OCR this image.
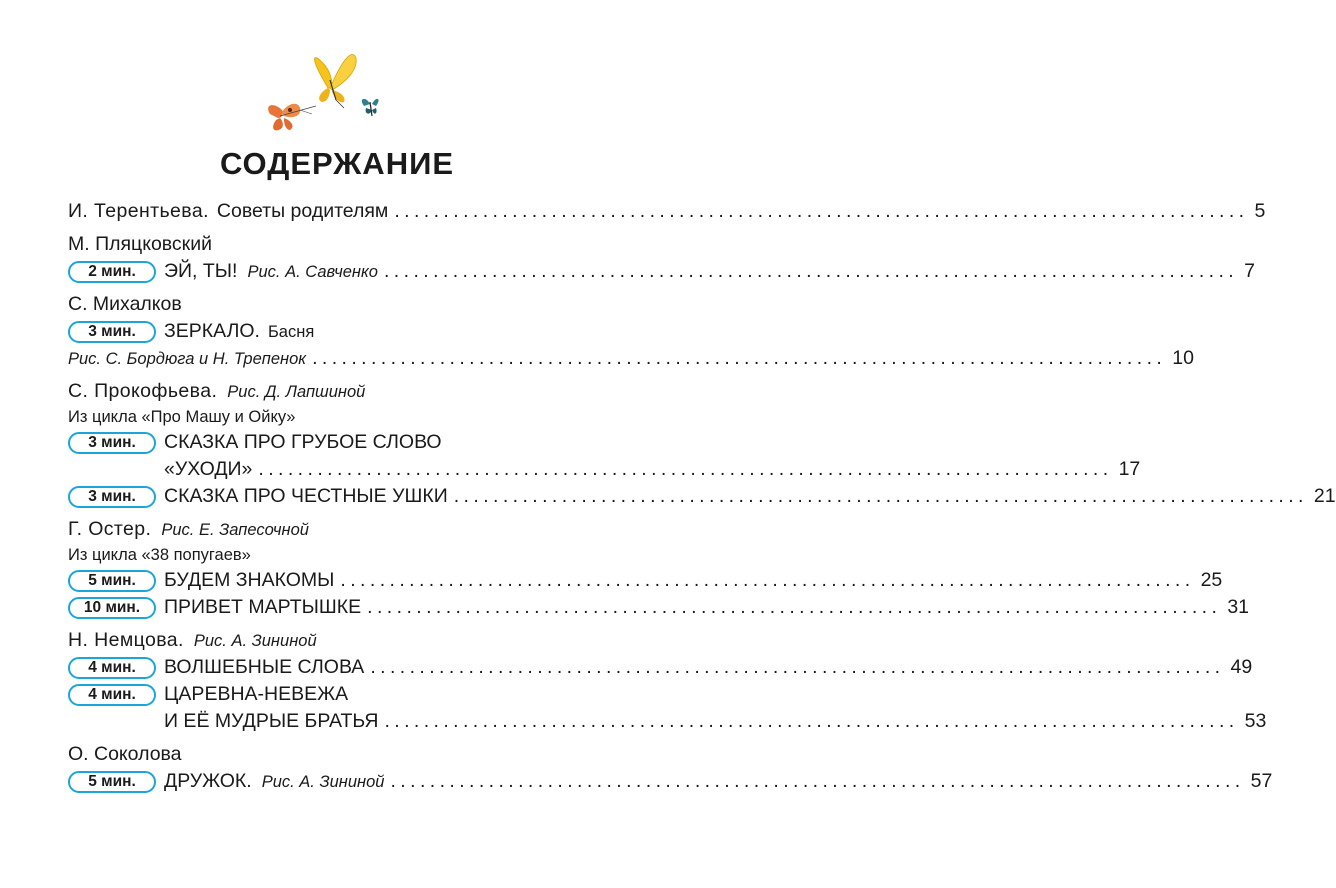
СОДЕРЖАНИЕ
И. Терентьева. Советы родителям ....................................................................................... 5
М. Пляцковский
2 мин.	ЭЙ, ТЫ! Рис. А. Савченко ....................................................................................... 7
С. Михалков
3 мин.	ЗЕРКАЛО. Басня
Рис. С. Бордюга и Н. Трепенок ....................................................................................... 10
С. Прокофьева. Рис. Д. Лапшиной
Из цикла «Про Машу и Ойку»
3 мин.	СКАЗКА ПРО ГРУБОЕ СЛОВО
«УХОДИ» ....................................................................................... 17
3 мин.	СКАЗКА ПРО ЧЕСТНЫЕ УШКИ ....................................................................................... 21
Г. Остер. Рис. Е. Запесочной
Из цикла «38 попугаев»
5 мин.	БУДЕМ ЗНАКОМЫ ....................................................................................... 25
10 мин.	ПРИВЕТ МАРТЫШКЕ ....................................................................................... 31
Н. Немцова. Рис. А. Зининой
4 мин.	ВОЛШЕБНЫЕ СЛОВА ....................................................................................... 49
4 мин.	ЦАРЕВНА-НЕВЕЖА
И ЕЁ МУДРЫЕ БРАТЬЯ ....................................................................................... 53
О. Соколова
5 мин.	ДРУЖОК. Рис. А. Зининой ....................................................................................... 57
